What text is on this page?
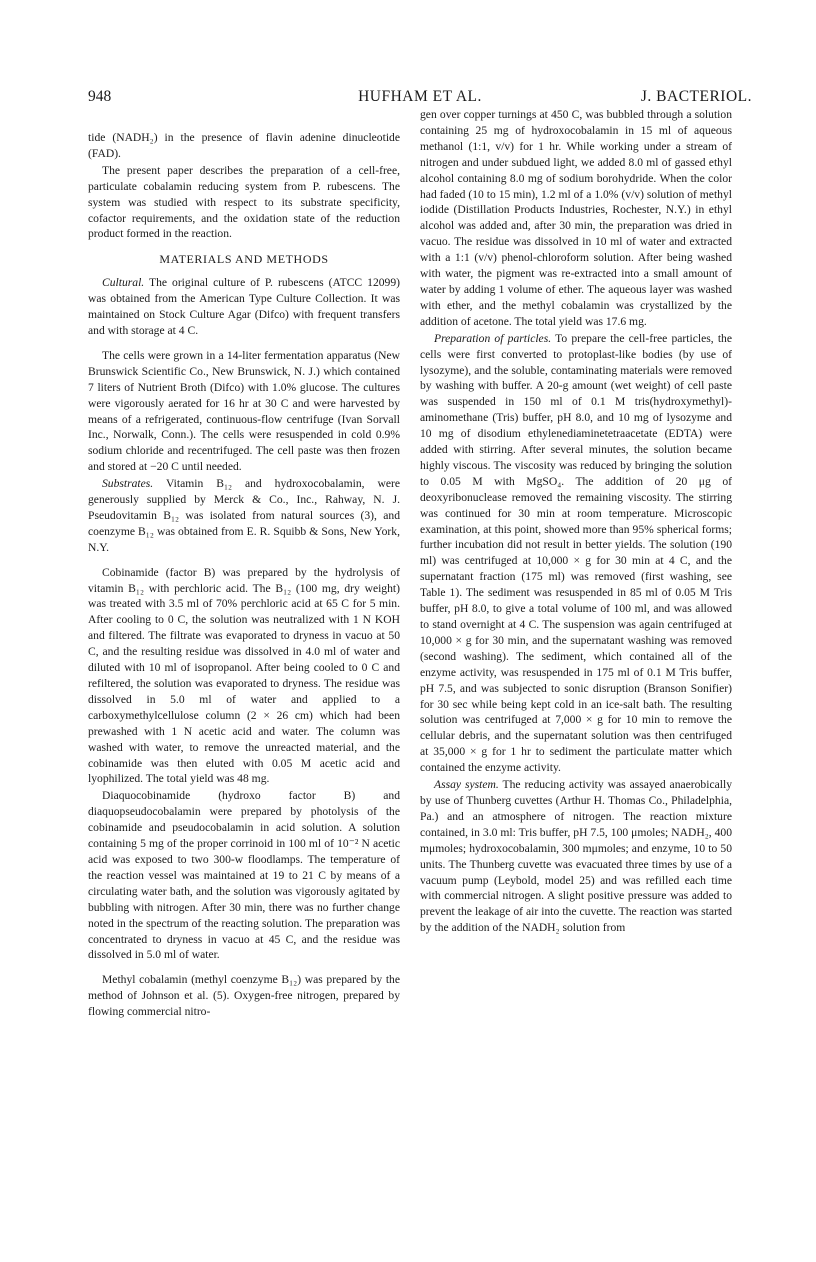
948	HUFHAM ET AL.	J. BACTERIOL.

tide (NADH₂) in the presence of flavin adenine dinucleotide (FAD).

The present paper describes the preparation of a cell-free, particulate cobalamin reducing system from P. rubescens. The system was studied with respect to its substrate specificity, cofactor requirements, and the oxidation state of the reduction product formed in the reaction.

MATERIALS AND METHODS

Cultural. The original culture of P. rubescens (ATCC 12099) was obtained from the American Type Culture Collection. It was maintained on Stock Culture Agar (Difco) with frequent transfers and with storage at 4 C.

The cells were grown in a 14-liter fermentation apparatus (New Brunswick Scientific Co., New Brunswick, N. J.) which contained 7 liters of Nutrient Broth (Difco) with 1.0% glucose. The cultures were vigorously aerated for 16 hr at 30 C and were harvested by means of a refrigerated, continuous-flow centrifuge (Ivan Sorvall Inc., Norwalk, Conn.). The cells were resuspended in cold 0.9% sodium chloride and recentrifuged. The cell paste was then frozen and stored at −20 C until needed.

Substrates. Vitamin B₁₂ and hydroxocobalamin, were generously supplied by Merck & Co., Inc., Rahway, N. J. Pseudovitamin B₁₂ was isolated from natural sources (3), and coenzyme B₁₂ was obtained from E. R. Squibb & Sons, New York, N.Y.

Cobinamide (factor B) was prepared by the hydrolysis of vitamin B₁₂ with perchloric acid. The B₁₂ (100 mg, dry weight) was treated with 3.5 ml of 70% perchloric acid at 65 C for 5 min. After cooling to 0 C, the solution was neutralized with 1 N KOH and filtered. The filtrate was evaporated to dryness in vacuo at 50 C, and the resulting residue was dissolved in 4.0 ml of water and diluted with 10 ml of isopropanol. After being cooled to 0 C and refiltered, the solution was evaporated to dryness. The residue was dissolved in 5.0 ml of water and applied to a carboxymethylcellulose column (2 × 26 cm) which had been prewashed with 1 N acetic acid and water. The column was washed with water, to remove the unreacted material, and the cobinamide was then eluted with 0.05 M acetic acid and lyophilized. The total yield was 48 mg.

Diaquocobinamide (hydroxo factor B) and diaquopseudocobalamin were prepared by photolysis of the cobinamide and pseudocobalamin in acid solution. A solution containing 5 mg of the proper corrinoid in 100 ml of 10⁻² N acetic acid was exposed to two 300-w floodlamps. The temperature of the reaction vessel was maintained at 19 to 21 C by means of a circulating water bath, and the solution was vigorously agitated by bubbling with nitrogen. After 30 min, there was no further change noted in the spectrum of the reacting solution. The preparation was concentrated to dryness in vacuo at 45 C, and the residue was dissolved in 5.0 ml of water.

Methyl cobalamin (methyl coenzyme B₁₂) was prepared by the method of Johnson et al. (5). Oxygen-free nitrogen, prepared by flowing commercial nitro-

gen over copper turnings at 450 C, was bubbled through a solution containing 25 mg of hydroxocobalamin in 15 ml of aqueous methanol (1:1, v/v) for 1 hr. While working under a stream of nitrogen and under subdued light, we added 8.0 ml of gassed ethyl alcohol containing 8.0 mg of sodium borohydride. When the color had faded (10 to 15 min), 1.2 ml of a 1.0% (v/v) solution of methyl iodide (Distillation Products Industries, Rochester, N.Y.) in ethyl alcohol was added and, after 30 min, the preparation was dried in vacuo. The residue was dissolved in 10 ml of water and extracted with a 1:1 (v/v) phenol-chloroform solution. After being washed with water, the pigment was re-extracted into a small amount of water by adding 1 volume of ether. The aqueous layer was washed with ether, and the methyl cobalamin was crystallized by the addition of acetone. The total yield was 17.6 mg.

Preparation of particles. To prepare the cell-free particles, the cells were first converted to protoplast-like bodies (by use of lysozyme), and the soluble, contaminating materials were removed by washing with buffer. A 20-g amount (wet weight) of cell paste was suspended in 150 ml of 0.1 M tris(hydroxymethyl)-aminomethane (Tris) buffer, pH 8.0, and 10 mg of lysozyme and 10 mg of disodium ethylenediaminetetraacetate (EDTA) were added with stirring. After several minutes, the solution became highly viscous. The viscosity was reduced by bringing the solution to 0.05 M with MgSO₄. The addition of 20 μg of deoxyribonuclease removed the remaining viscosity. The stirring was continued for 30 min at room temperature. Microscopic examination, at this point, showed more than 95% spherical forms; further incubation did not result in better yields. The solution (190 ml) was centrifuged at 10,000 × g for 30 min at 4 C, and the supernatant fraction (175 ml) was removed (first washing, see Table 1). The sediment was resuspended in 85 ml of 0.05 M Tris buffer, pH 8.0, to give a total volume of 100 ml, and was allowed to stand overnight at 4 C. The suspension was again centrifuged at 10,000 × g for 30 min, and the supernatant washing was removed (second washing). The sediment, which contained all of the enzyme activity, was resuspended in 175 ml of 0.1 M Tris buffer, pH 7.5, and was subjected to sonic disruption (Branson Sonifier) for 30 sec while being kept cold in an ice-salt bath. The resulting solution was centrifuged at 7,000 × g for 10 min to remove the cellular debris, and the supernatant solution was then centrifuged at 35,000 × g for 1 hr to sediment the particulate matter which contained the enzyme activity.

Assay system. The reducing activity was assayed anaerobically by use of Thunberg cuvettes (Arthur H. Thomas Co., Philadelphia, Pa.) and an atmosphere of nitrogen. The reaction mixture contained, in 3.0 ml: Tris buffer, pH 7.5, 100 μmoles; NADH₂, 400 mμmoles; hydroxocobalamin, 300 mμmoles; and enzyme, 10 to 50 units. The Thunberg cuvette was evacuated three times by use of a vacuum pump (Leybold, model 25) and was refilled each time with commercial nitrogen. A slight positive pressure was added to prevent the leakage of air into the cuvette. The reaction was started by the addition of the NADH₂ solution from
